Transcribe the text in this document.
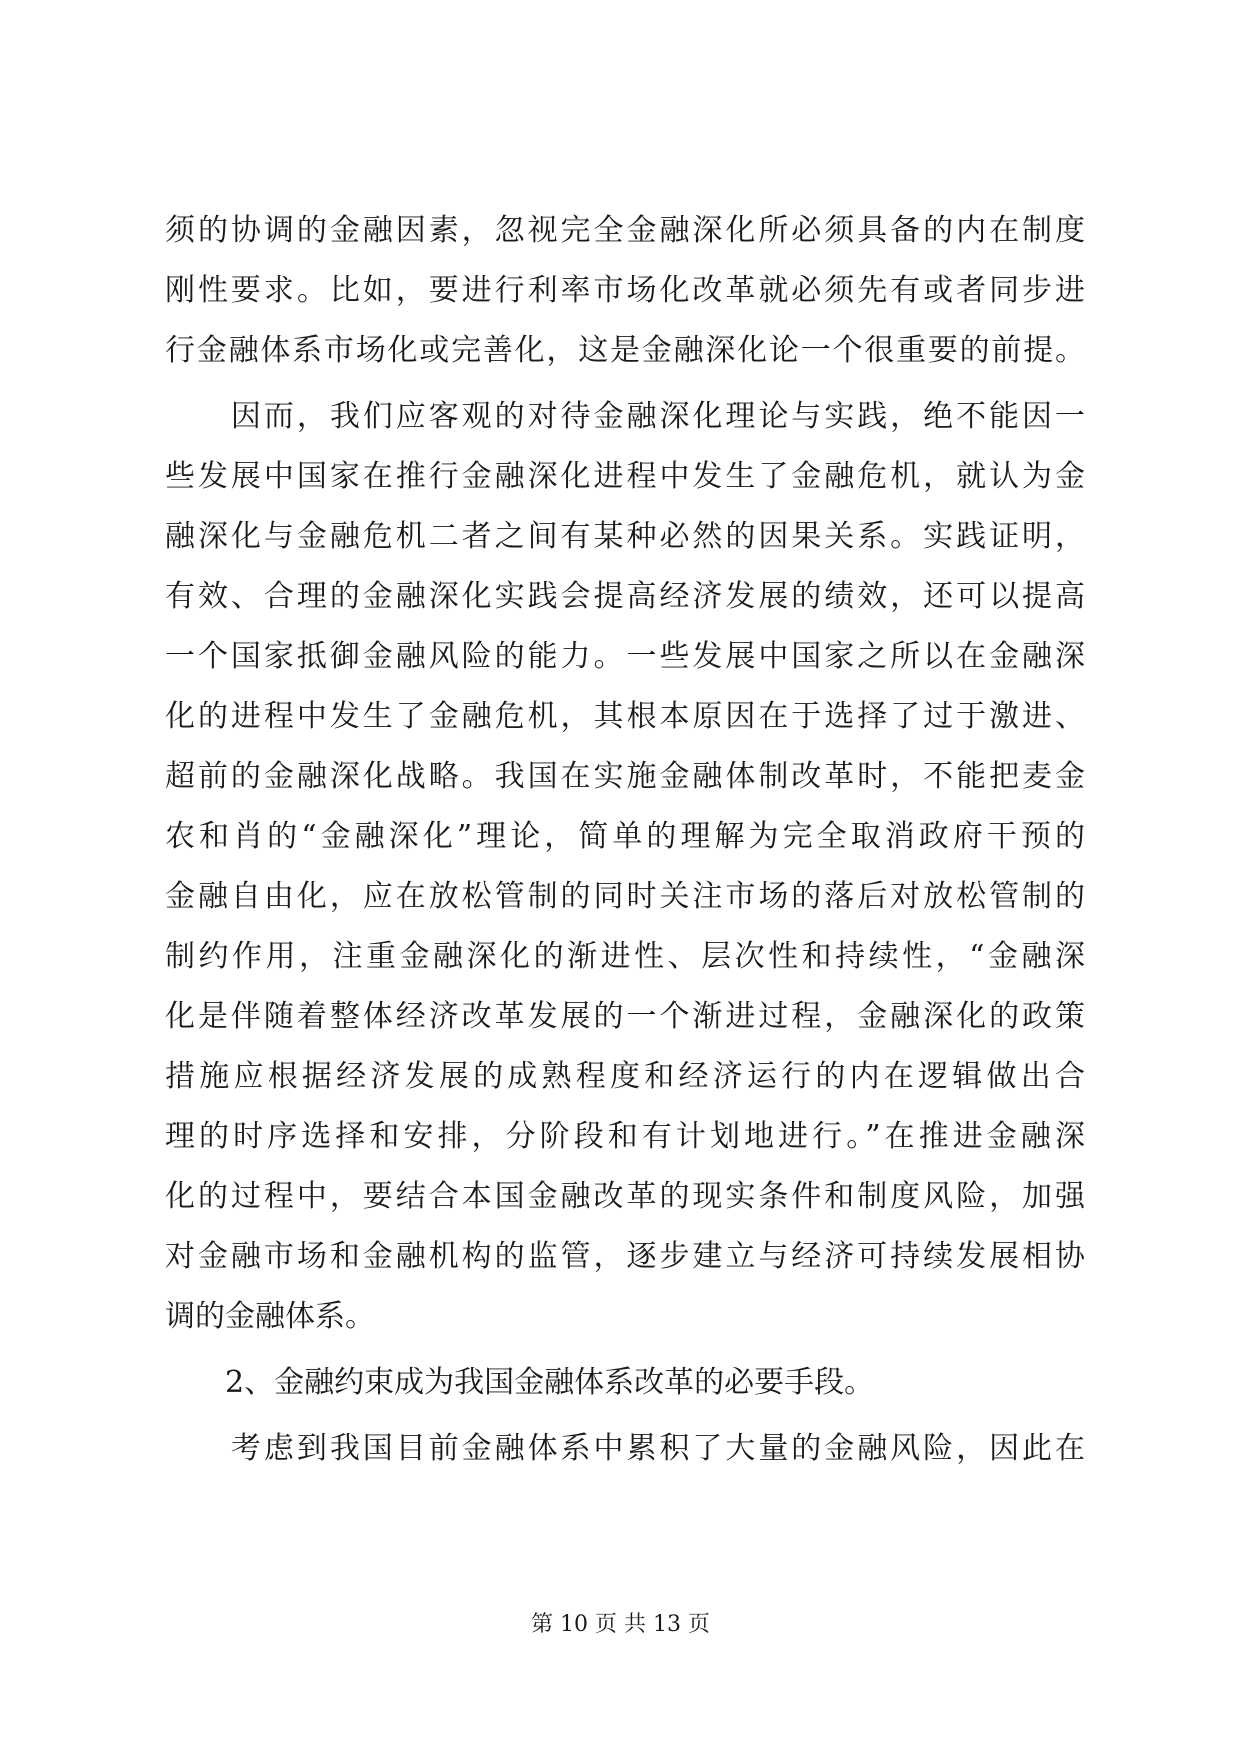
须的协调的金融因素，忽视完全金融深化所必须具备的内在制度
刚性要求。比如，要进行利率市场化改革就必须先有或者同步进
行金融体系市场化或完善化，这是金融深化论一个很重要的前提。
　　因而，我们应客观的对待金融深化理论与实践，绝不能因一
些发展中国家在推行金融深化进程中发生了金融危机，就认为金
融深化与金融危机二者之间有某种必然的因果关系。实践证明，
有效、合理的金融深化实践会提高经济发展的绩效，还可以提高
一个国家抵御金融风险的能力。一些发展中国家之所以在金融深
化的进程中发生了金融危机，其根本原因在于选择了过于激进、
超前的金融深化战略。我国在实施金融体制改革时，不能把麦金
农和肖的“金融深化”理论，简单的理解为完全取消政府干预的
金融自由化，应在放松管制的同时关注市场的落后对放松管制的
制约作用，注重金融深化的渐进性、层次性和持续性，“金融深
化是伴随着整体经济改革发展的一个渐进过程，金融深化的政策
措施应根据经济发展的成熟程度和经济运行的内在逻辑做出合
理的时序选择和安排，分阶段和有计划地进行。”在推进金融深
化的过程中，要结合本国金融改革的现实条件和制度风险，加强
对金融市场和金融机构的监管，逐步建立与经济可持续发展相协
调的金融体系。
　　2、金融约束成为我国金融体系改革的必要手段。
　　考虑到我国目前金融体系中累积了大量的金融风险，因此在
第 10 页 共 13 页
